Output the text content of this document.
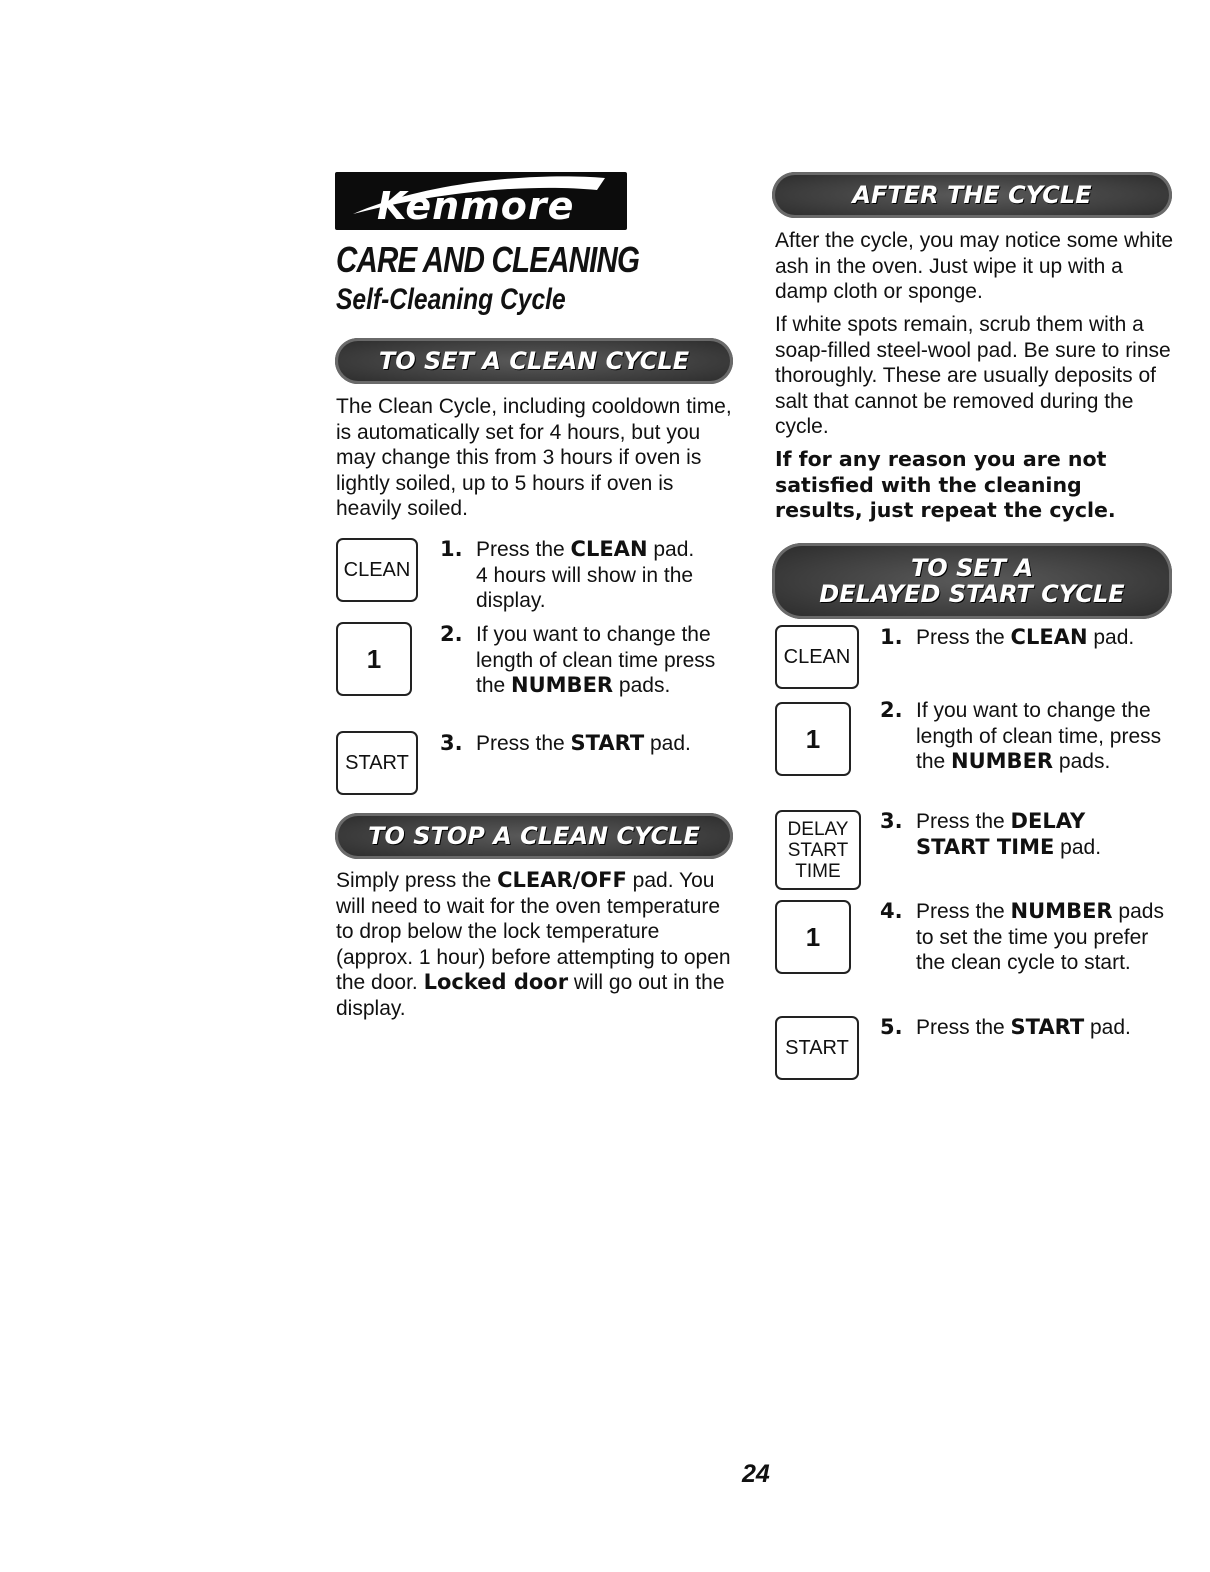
Kenmore
CARE AND CLEANING
Self-Cleaning Cycle
TO SET A CLEAN CYCLE
The Clean Cycle, including cooldown time, is automatically set for 4 hours, but you may change this from 3 hours if oven is lightly soiled, up to 5 hours if oven is heavily soiled.
CLEAN
1
START
1. Press the CLEAN pad.
4 hours will show in the display.
2. If you want to change the length of clean time press the NUMBER pads.
3. Press the START pad.
TO STOP A CLEAN CYCLE
Simply press the CLEAR/OFF pad. You will need to wait for the oven temperature to drop below the lock temperature (approx. 1 hour) before attempting to open the door. Locked door will go out in the display.
AFTER THE CYCLE
After the cycle, you may notice some white ash in the oven. Just wipe it up with a damp cloth or sponge.
If white spots remain, scrub them with a soap-filled steel-wool pad. Be sure to rinse thoroughly. These are usually deposits of salt that cannot be removed during the cycle.
If for any reason you are not satisfied with the cleaning results, just repeat the cycle.
TO SET A
DELAYED START CYCLE
CLEAN
1
DELAY
START
TIME
1
START
1. Press the CLEAN pad.
2. If you want to change the length of clean time, press the NUMBER pads.
3. Press the DELAY START TIME pad.
4. Press the NUMBER pads to set the time you prefer the clean cycle to start.
5. Press the START pad.
24
